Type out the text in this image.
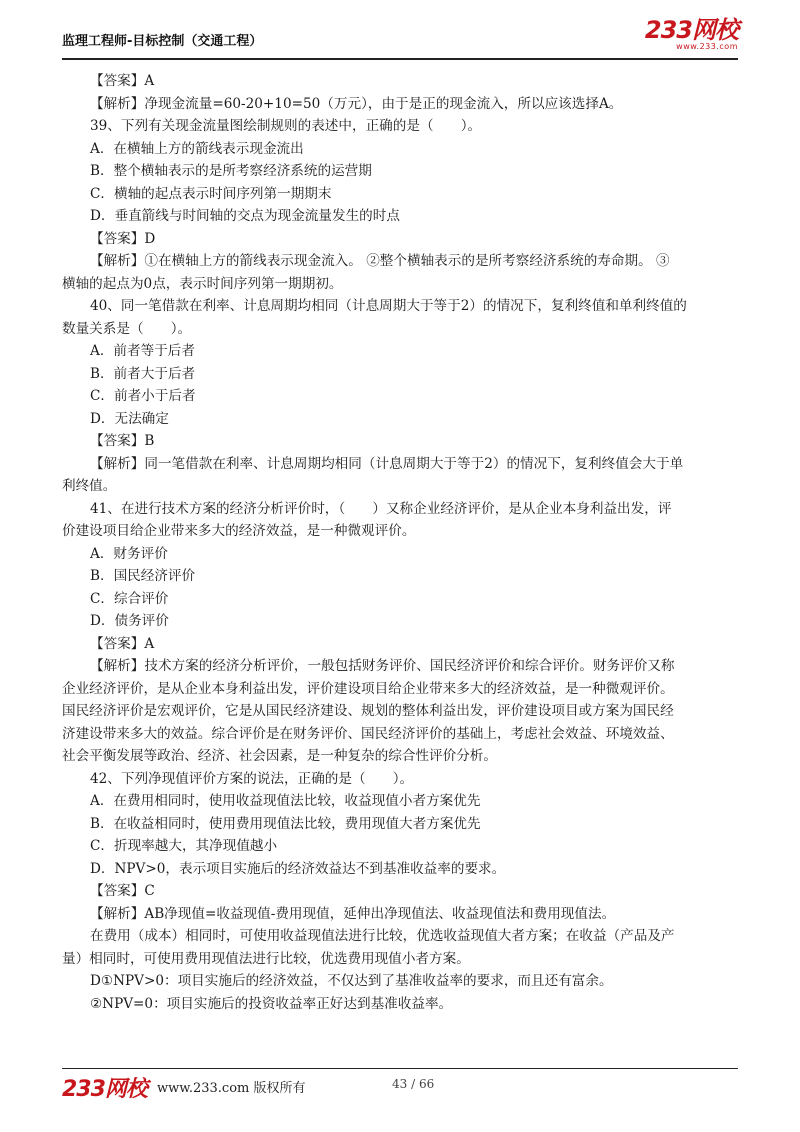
监理工程师-目标控制（交通工程）	233网校
www.233.com
【答案】A
【解析】净现金流量=60-20+10=50（万元），由于是正的现金流入，所以应该选择A。
39、下列有关现金流量图绘制规则的表述中，正确的是（　　）。
A．在横轴上方的箭线表示现金流出
B．整个横轴表示的是所考察经济系统的运营期
C．横轴的起点表示时间序列第一期期末
D．垂直箭线与时间轴的交点为现金流量发生的时点
【答案】D
【解析】①在横轴上方的箭线表示现金流入。 ②整个横轴表示的是所考察经济系统的寿命期。 ③
横轴的起点为0点，表示时间序列第一期期初。
40、同一笔借款在利率、计息周期均相同（计息周期大于等于2）的情况下，复利终值和单利终值的
数量关系是（　　）。
A．前者等于后者
B．前者大于后者
C．前者小于后者
D．无法确定
【答案】B
【解析】同一笔借款在利率、计息周期均相同（计息周期大于等于2）的情况下，复利终值会大于单
利终值。
41、在进行技术方案的经济分析评价时，（　　）又称企业经济评价，是从企业本身利益出发，评
价建设项目给企业带来多大的经济效益，是一种微观评价。
A．财务评价
B．国民经济评价
C．综合评价
D．债务评价
【答案】A
【解析】技术方案的经济分析评价，一般包括财务评价、国民经济评价和综合评价。财务评价又称
企业经济评价，是从企业本身利益出发，评价建设项目给企业带来多大的经济效益，是一种微观评价。
国民经济评价是宏观评价，它是从国民经济建设、规划的整体利益出发，评价建设项目或方案为国民经
济建设带来多大的效益。综合评价是在财务评价、国民经济评价的基础上，考虑社会效益、环境效益、
社会平衡发展等政治、经济、社会因素，是一种复杂的综合性评价分析。
42、下列净现值评价方案的说法，正确的是（　　）。
A．在费用相同时，使用收益现值法比较，收益现值小者方案优先
B．在收益相同时，使用费用现值法比较，费用现值大者方案优先
C．折现率越大，其净现值越小
D．NPV>0，表示项目实施后的经济效益达不到基准收益率的要求。
【答案】C
【解析】AB净现值=收益现值-费用现值，延伸出净现值法、收益现值法和费用现值法。
在费用（成本）相同时，可使用收益现值法进行比较，优选收益现值大者方案；在收益（产品及产
量）相同时，可使用费用现值法进行比较，优选费用现值小者方案。
D①NPV>0：项目实施后的经济效益，不仅达到了基准收益率的要求，而且还有富余。
②NPV=0：项目实施后的投资收益率正好达到基准收益率。
233网校 www.233.com 版权所有	43 / 66
